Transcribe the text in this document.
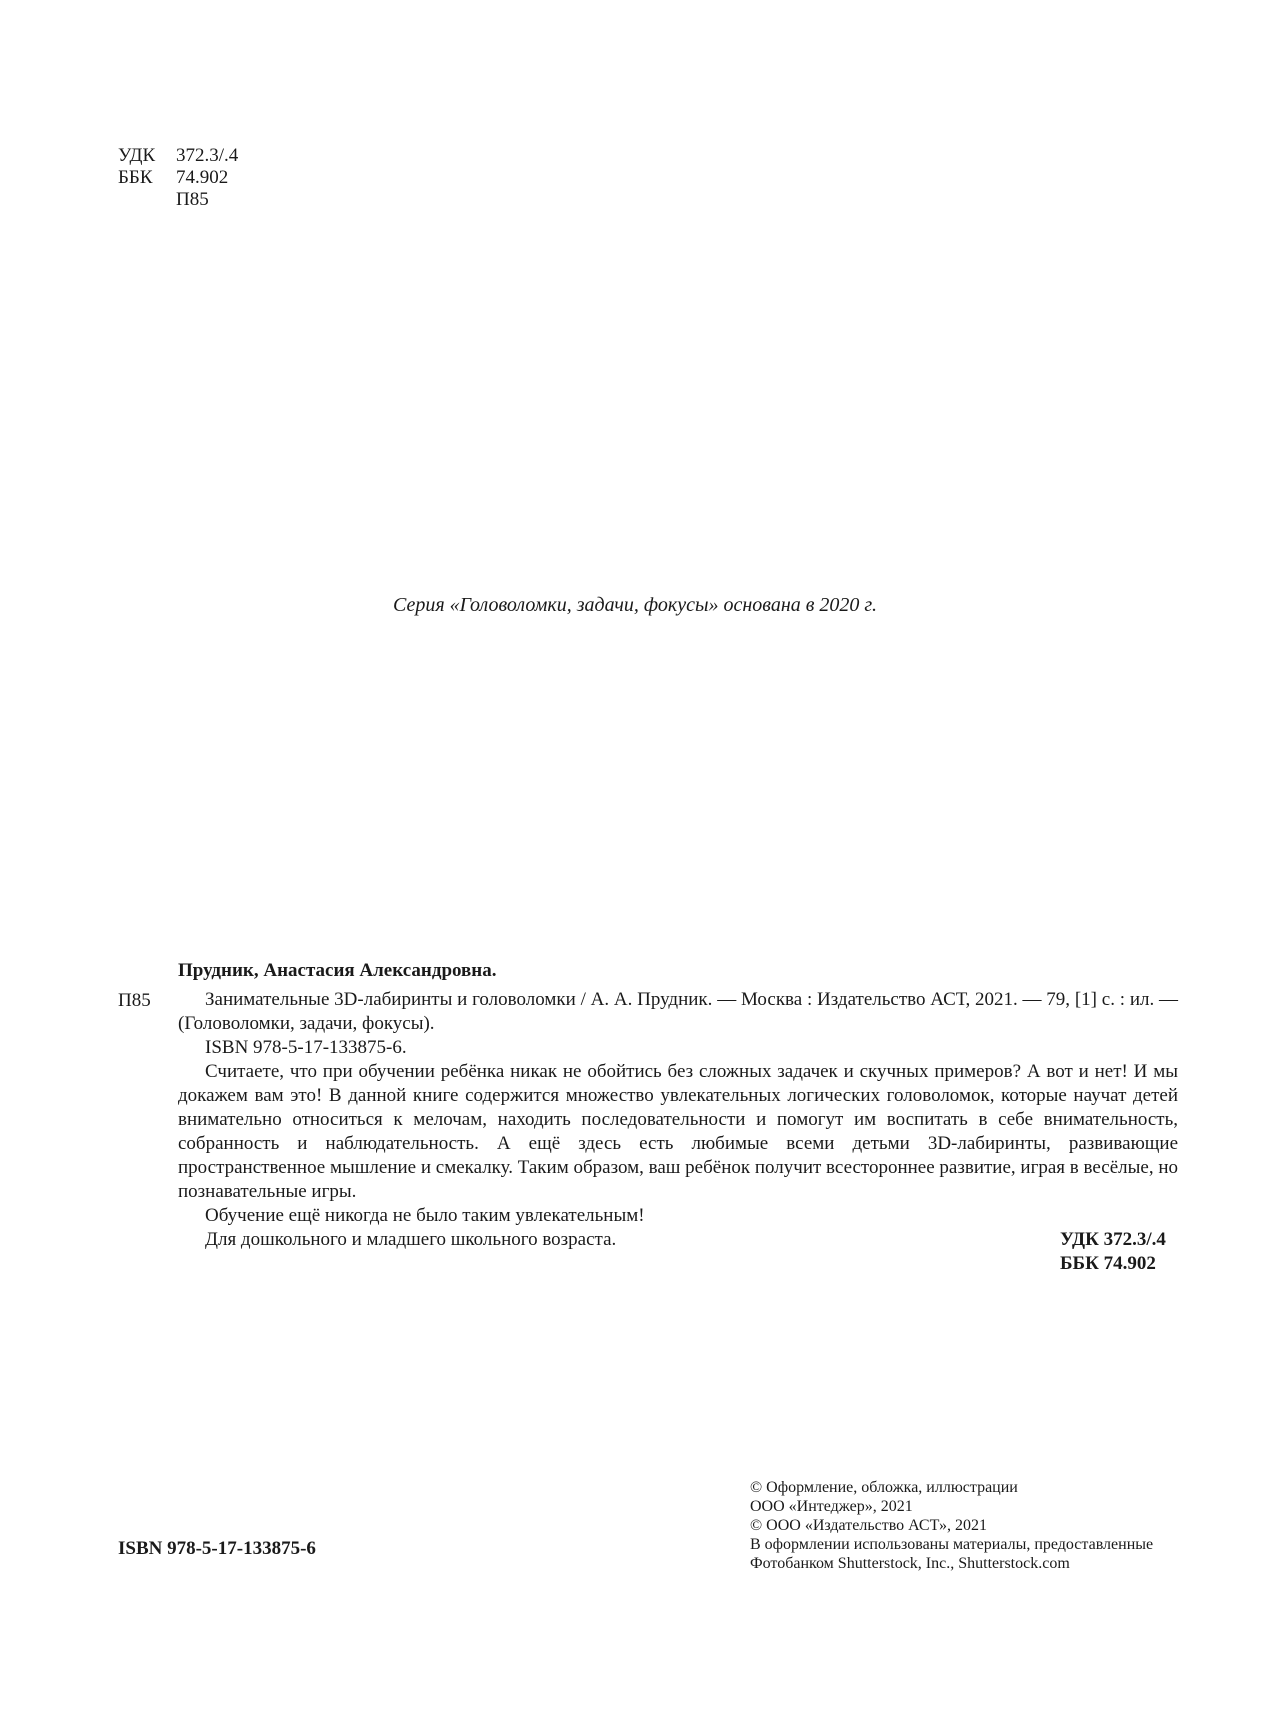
УДК	372.3/.4
ББК	74.902
П85
Серия «Головоломки, задачи, фокусы» основана в 2020 г.
Прудник, Анастасия Александровна.
П85	Занимательные 3D-лабиринты и головоломки / А. А. Прудник. — Москва : Издательство АСТ, 2021. — 79, [1] с. : ил. — (Головоломки, задачи, фокусы).

ISBN 978-5-17-133875-6.

Считаете, что при обучении ребёнка никак не обойтись без сложных задачек и скучных примеров? А вот и нет! И мы докажем вам это! В данной книге содержится множество увлекательных логических головоломок, которые научат детей внимательно относиться к мелочам, находить последовательности и помогут им воспитать в себе внимательность, собранность и наблюдательность. А ещё здесь есть любимые всеми детьми 3D-лабиринты, развивающие пространственное мышление и смекалку. Таким образом, ваш ребёнок получит всестороннее развитие, играя в весёлые, но познавательные игры.

Обучение ещё никогда не было таким увлекательным!

Для дошкольного и младшего школьного возраста.	УДК 372.3/.4
ББК 74.902
© Оформление, обложка, иллюстрации
ООО «Интеджер», 2021
© ООО «Издательство АСТ», 2021
В оформлении использованы материалы, предоставленные
Фотобанком Shutterstock, Inc., Shutterstock.com
ISBN 978-5-17-133875-6
